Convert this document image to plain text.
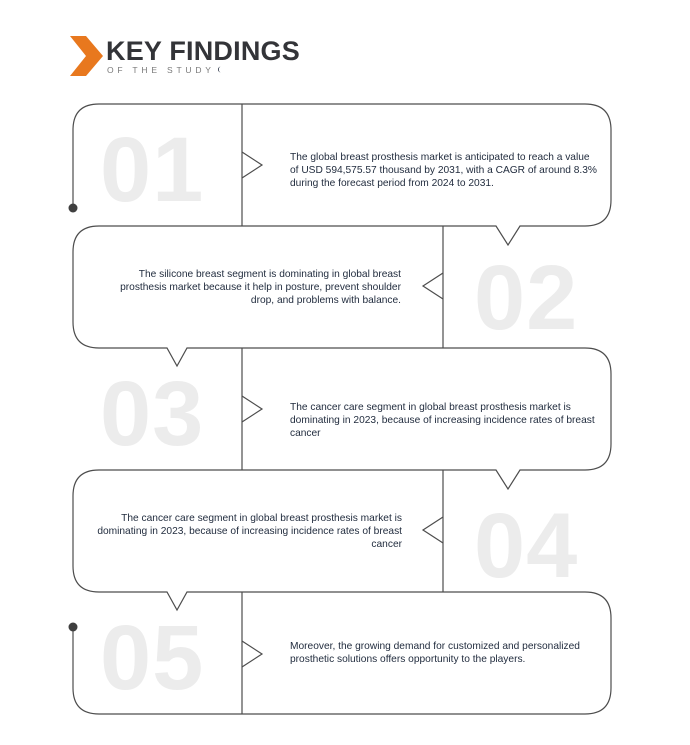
KEY FINDINGS
OF THE STUDY
01	The global breast prosthesis market is anticipated to reach a value of USD 594,575.57 thousand by 2031, with a CAGR of around 8.3% during the forecast period from 2024 to 2031.
02
The silicone breast segment is dominating in global breast prosthesis market because it help in posture, prevent shoulder drop, and problems with balance.
03	The cancer care segment in global breast prosthesis market is dominating in 2023, because of increasing incidence rates of breast cancer
04
The cancer care segment in global breast prosthesis market is dominating in 2023, because of increasing incidence rates of breast cancer
05	Moreover, the growing demand for customized and personalized prosthetic solutions offers opportunity to the players.
